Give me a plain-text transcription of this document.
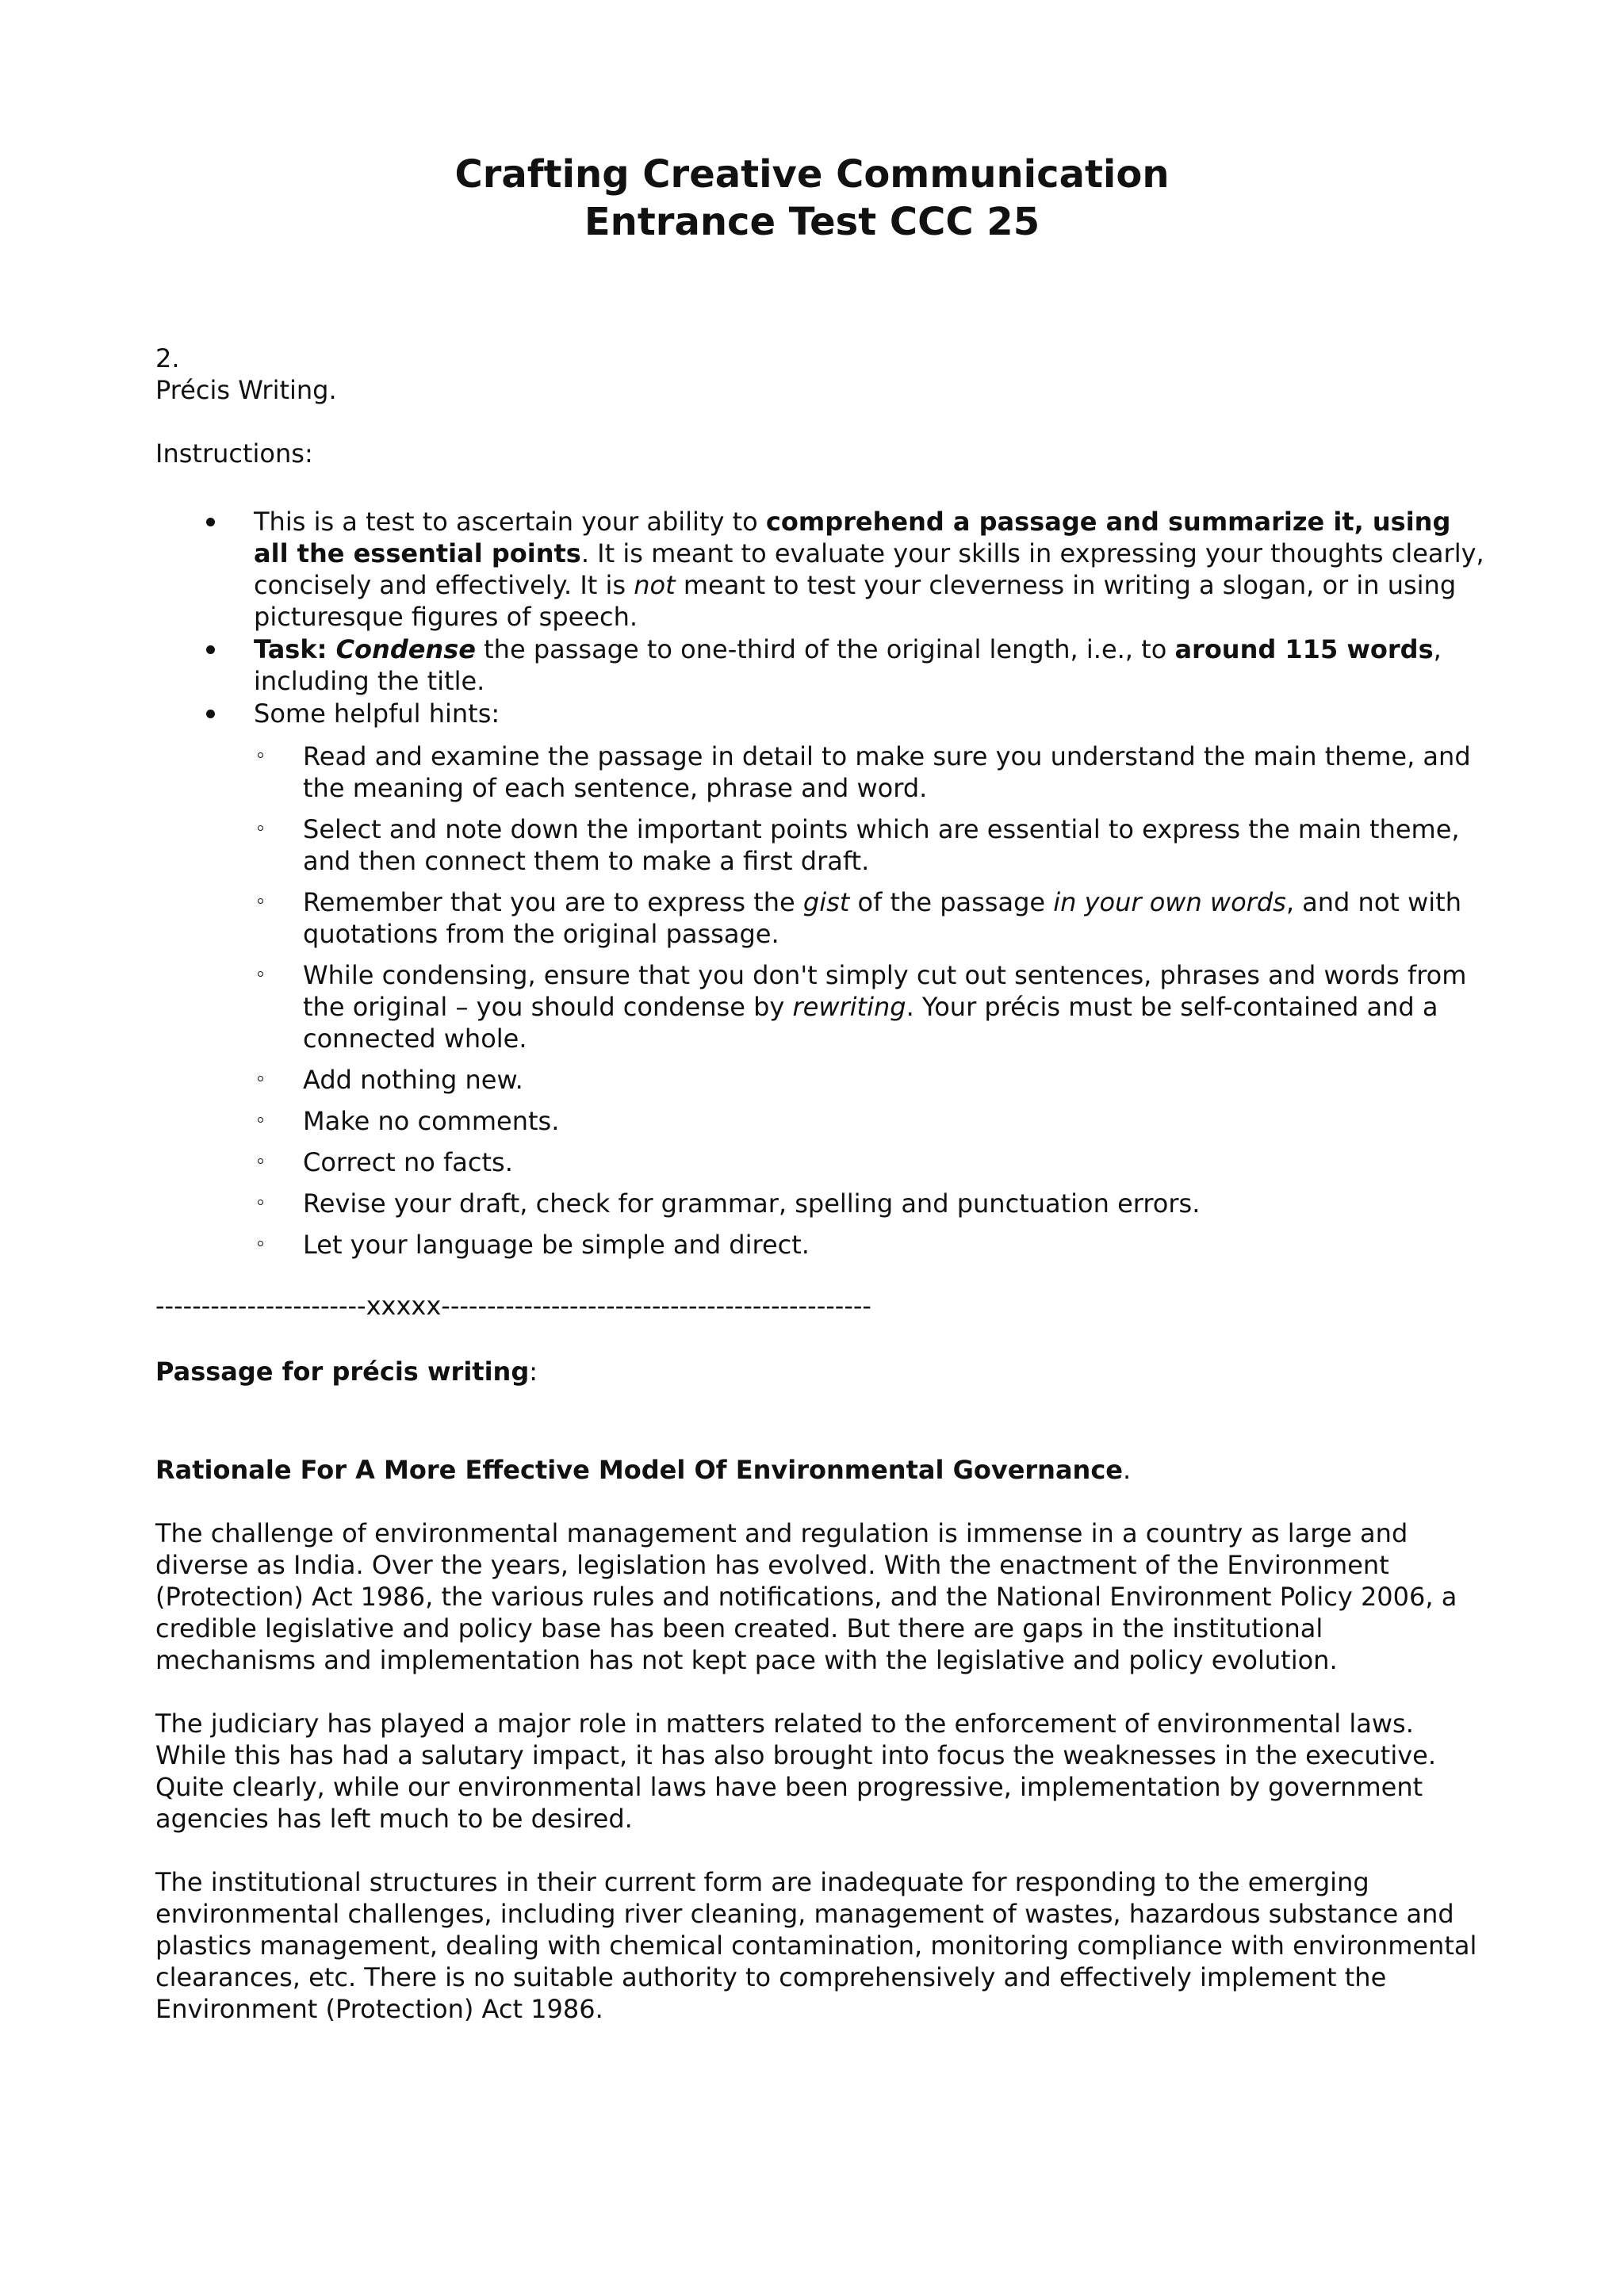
Crafting Creative Communication
Entrance Test CCC 25

2.

Précis Writing.

Instructions:

This is a test to ascertain your ability to comprehend a passage and summarize it, using all the essential points. It is meant to evaluate your skills in expressing your thoughts clearly, concisely and effectively. It is not meant to test your cleverness in writing a slogan, or in using picturesque figures of speech.
Task: Condense the passage to one-third of the original length, i.e., to around 115 words, including the title.
Some helpful hints:
Read and examine the passage in detail to make sure you understand the main theme, and the meaning of each sentence, phrase and word.
Select and note down the important points which are essential to express the main theme, and then connect them to make a first draft.
Remember that you are to express the gist of the passage in your own words, and not with quotations from the original passage.
While condensing, ensure that you don't simply cut out sentences, phrases and words from the original – you should condense by rewriting. Your précis must be self-contained and a connected whole.
Add nothing new.
Make no comments.
Correct no facts.
Revise your draft, check for grammar, spelling and punctuation errors.
Let your language be simple and direct.

-----------------------xxxxx-----------------------------------------------

Passage for précis writing:

Rationale For A More Effective Model Of Environmental Governance.

The challenge of environmental management and regulation is immense in a country as large and diverse as India. Over the years, legislation has evolved. With the enactment of the Environment (Protection) Act 1986, the various rules and notifications, and the National Environment Policy 2006, a credible legislative and policy base has been created. But there are gaps in the institutional mechanisms and implementation has not kept pace with the legislative and policy evolution.

The judiciary has played a major role in matters related to the enforcement of environmental laws. While this has had a salutary impact, it has also brought into focus the weaknesses in the executive. Quite clearly, while our environmental laws have been progressive, implementation by government agencies has left much to be desired.

The institutional structures in their current form are inadequate for responding to the emerging environmental challenges, including river cleaning, management of wastes, hazardous substance and plastics management, dealing with chemical contamination, monitoring compliance with environmental clearances, etc. There is no suitable authority to comprehensively and effectively implement the Environment (Protection) Act 1986.
